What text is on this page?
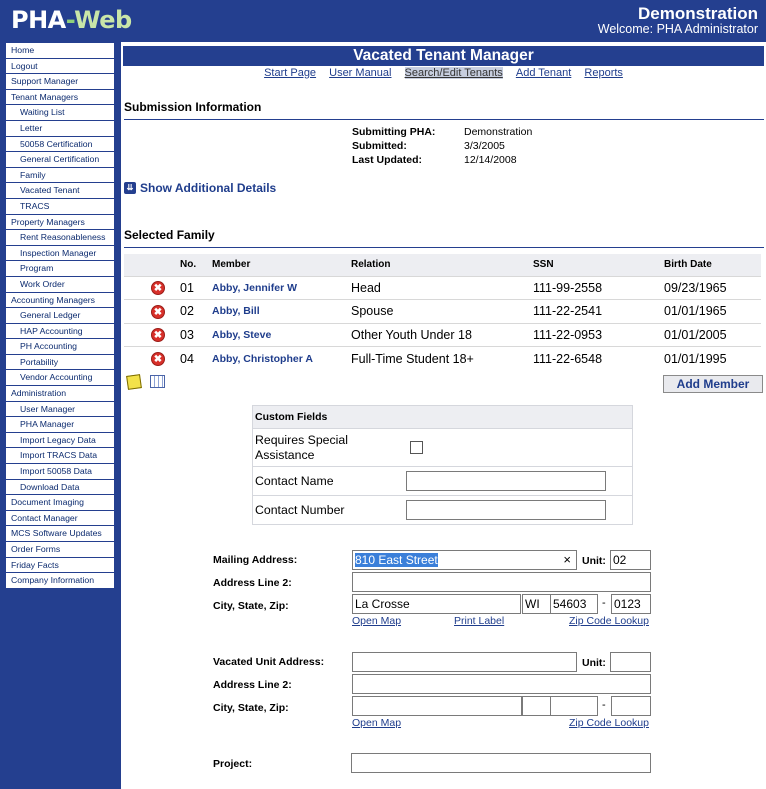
PHA-Web	Demonstration
Welcome: PHA Administrator
Home
Logout
Support Manager
Tenant Managers
Waiting List
Letter
50058 Certification
General Certification
Family
Vacated Tenant
TRACS
Property Managers
Rent Reasonableness
Inspection Manager
Program
Work Order
Accounting Managers
General Ledger
HAP Accounting
PH Accounting
Portability
Vendor Accounting
Administration
User Manager
PHA Manager
Import Legacy Data
Import TRACS Data
Import 50058 Data
Download Data
Document Imaging
Contact Manager
MCS Software Updates
Order Forms
Friday Facts
Company Information
Vacated Tenant Manager
Start Page User Manual Search/Edit Tenants Add Tenant Reports
Submission Information
Submitting PHA:	Demonstration
Submitted:	3/3/2005
Last Updated:	12/14/2008
⇊ Show Additional Details
Selected Family
	No.	Member	Relation	SSN	Birth Date
✖	01	Abby, Jennifer W	Head	111-99-2558	09/23/1965
✖	02	Abby, Bill	Spouse	111-22-2541	01/01/1965
✖	03	Abby, Steve	Other Youth Under 18	111-22-0953	01/01/2005
✖	04	Abby, Christopher A	Full-Time Student 18+	111-22-6548	01/01/1995
Add Member
Custom Fields
Requires Special
Assistance
Contact Name
Contact Number
Mailing Address:	810 East Street	× Unit: 02
Address Line 2:
City, State, Zip:	La Crosse	WI	54603	- 0123
Open Map	Print Label	Zip Code Lookup
Vacated Unit Address:	Unit:
Address Line 2:
City, State, Zip:	-
Open Map	Zip Code Lookup
Project:
